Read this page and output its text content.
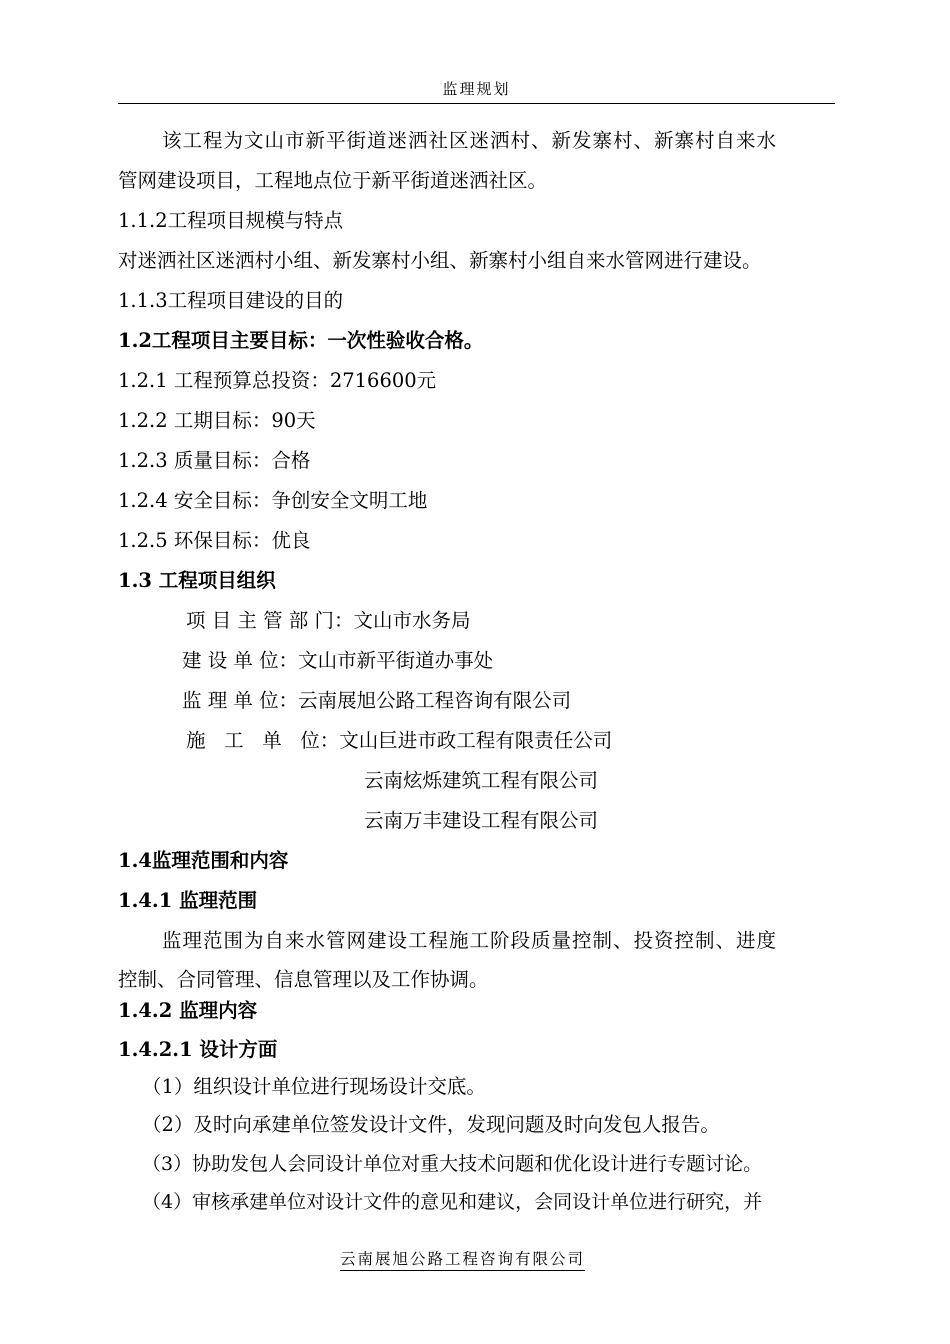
监理规划
该工程为文山市新平街道迷洒社区迷洒村、新发寨村、新寨村自来水
管网建设项目，工程地点位于新平街道迷洒社区。
1.1.2工程项目规模与特点
对迷洒社区迷洒村小组、新发寨村小组、新寨村小组自来水管网进行建设。
1.1.3工程项目建设的目的
1.2工程项目主要目标：一次性验收合格。
1.2.1 工程预算总投资：2716600元
1.2.2 工期目标：90天
1.2.3 质量目标：合格
1.2.4 安全目标：争创安全文明工地
1.2.5 环保目标：优良
1.3 工程项目组织
项 目 主 管 部 门：文山市水务局
建 设 单 位：文山市新平街道办事处
监 理 单 位：云南展旭公路工程咨询有限公司
施   工   单   位：文山巨进市政工程有限责任公司
云南炫烁建筑工程有限公司
云南万丰建设工程有限公司
1.4监理范围和内容
1.4.1 监理范围
监理范围为自来水管网建设工程施工阶段质量控制、投资控制、进度
控制、合同管理、信息管理以及工作协调。
1.4.2 监理内容
1.4.2.1 设计方面
（1）组织设计单位进行现场设计交底。
（2）及时向承建单位签发设计文件，发现问题及时向发包人报告。
（3）协助发包人会同设计单位对重大技术问题和优化设计进行专题讨论。
（4）审核承建单位对设计文件的意见和建议，会同设计单位进行研究，并
云南展旭公路工程咨询有限公司
